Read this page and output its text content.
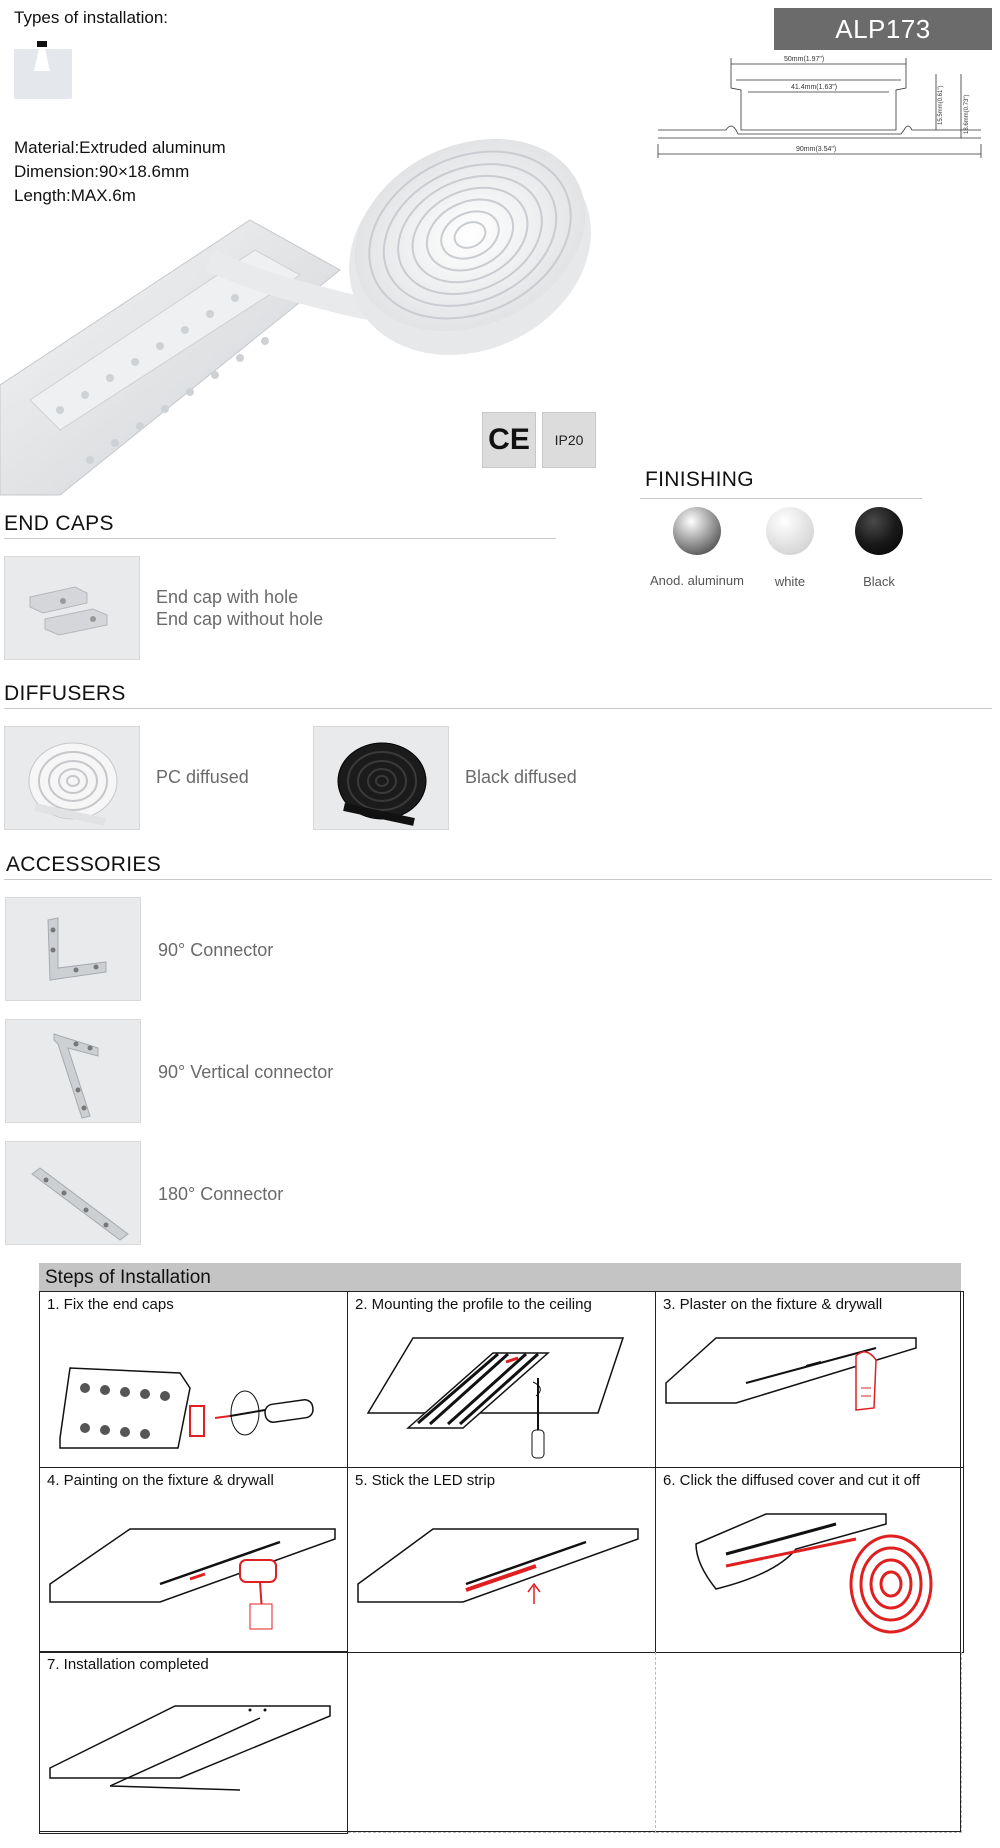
Types of installation:
Material:Extruded aluminum
Dimension:90×18.6mm
Length:MAX.6m
ALP173
50mm(1.97")
41.4mm(1.63")
90mm(3.54")
15.5mm(0.61")	18.6mm(0.73")
CE IP20
FINISHING
Anod. aluminum	white	Black
END CAPS
End cap with hole
End cap without hole
DIFFUSERS
PC diffused	Black diffused
ACCESSORIES
90° Connector
90° Vertical connector
180° Connector
Steps of Installation
1. Fix the end caps	2. Mounting the profile to the ceiling	3. Plaster on the fixture & drywall
4. Painting on the fixture & drywall	5. Stick the LED strip	6. Click the diffused cover and cut it off
7. Installation completed
